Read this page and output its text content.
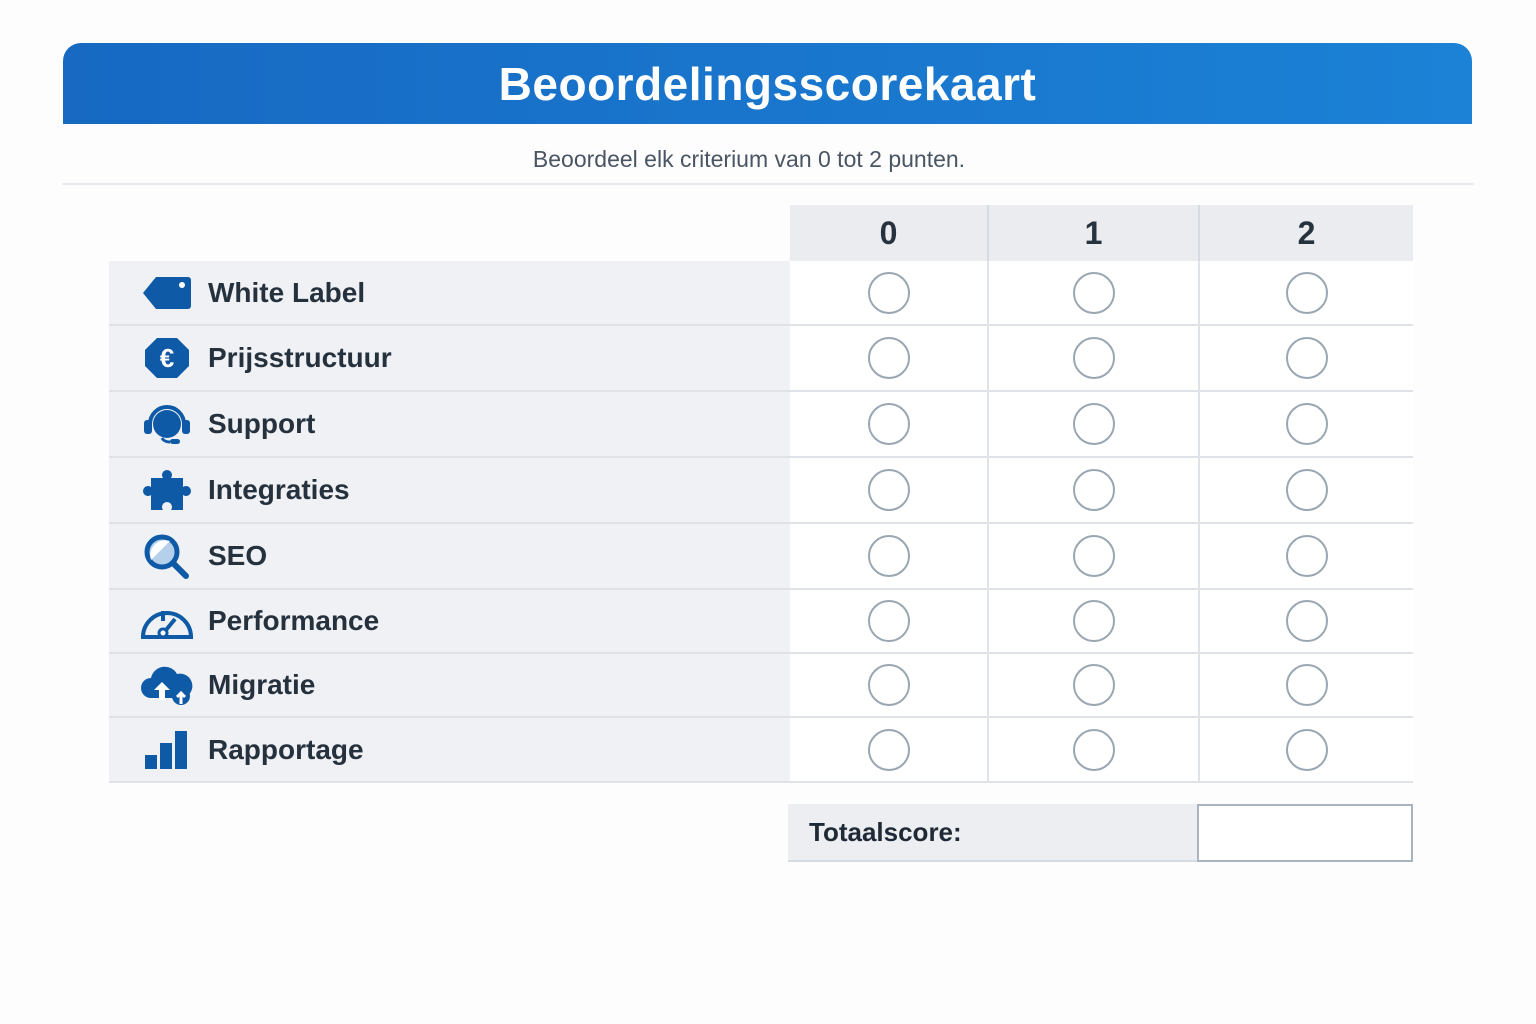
Beoordelingsscorekaart
Beoordeel elk criterium van 0 tot 2 punten.
0	1	2
White Label
€ Prijsstructuur
Support
Integraties
SEO
Performance
Migratie
Rapportage
Totaalscore:
